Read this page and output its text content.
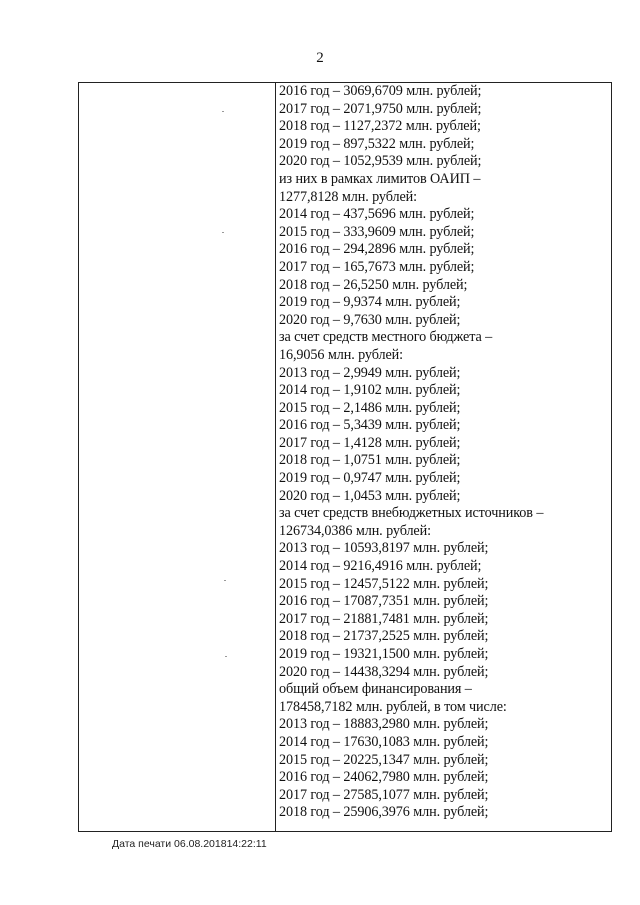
2
2016 год – 3069,6709 млн. рублей;
2017 год – 2071,9750 млн. рублей;
2018 год – 1127,2372 млн. рублей;
2019 год – 897,5322 млн. рублей;
2020 год – 1052,9539 млн. рублей;
из них в рамках лимитов ОАИП –
1277,8128 млн. рублей:
2014 год – 437,5696 млн. рублей;
2015 год – 333,9609 млн. рублей;
2016 год – 294,2896 млн. рублей;
2017 год – 165,7673 млн. рублей;
2018 год – 26,5250 млн. рублей;
2019 год – 9,9374 млн. рублей;
2020 год – 9,7630 млн. рублей;
за счет средств местного бюджета –
16,9056 млн. рублей:
2013 год – 2,9949 млн. рублей;
2014 год – 1,9102 млн. рублей;
2015 год – 2,1486 млн. рублей;
2016 год – 5,3439 млн. рублей;
2017 год – 1,4128 млн. рублей;
2018 год – 1,0751 млн. рублей;
2019 год – 0,9747 млн. рублей;
2020 год – 1,0453 млн. рублей;
за счет средств внебюджетных источников –
126734,0386 млн. рублей:
2013 год – 10593,8197 млн. рублей;
2014 год – 9216,4916 млн. рублей;
2015 год – 12457,5122 млн. рублей;
2016 год – 17087,7351 млн. рублей;
2017 год – 21881,7481 млн. рублей;
2018 год – 21737,2525 млн. рублей;
2019 год – 19321,1500 млн. рублей;
2020 год – 14438,3294 млн. рублей;
общий объем финансирования –
178458,7182 млн. рублей, в том числе:
2013 год – 18883,2980 млн. рублей;
2014 год – 17630,1083 млн. рублей;
2015 год – 20225,1347 млн. рублей;
2016 год – 24062,7980 млн. рублей;
2017 год – 27585,1077 млн. рублей;
2018 год – 25906,3976 млн. рублей;
Дата печати 06.08.201814:22:11
